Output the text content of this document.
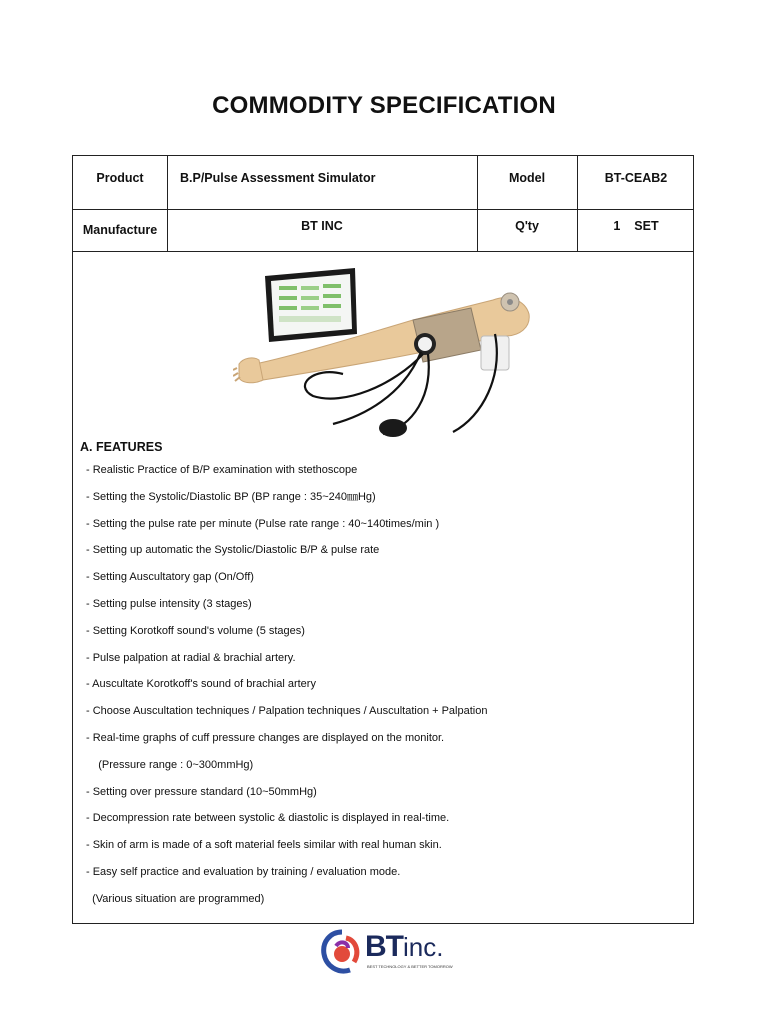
COMMODITY SPECIFICATION
Product	B.P/Pulse Assessment Simulator	Model	BT-CEAB2
Manufacture	BT INC	Q'ty	1    SET
A. FEATURES
- Realistic Practice of B/P examination with stethoscope
- Setting the Systolic/Diastolic BP (BP range : 35~240㎜Hg)
- Setting the pulse rate per minute (Pulse rate range : 40~140times/min )
- Setting up automatic the Systolic/Diastolic B/P & pulse rate
- Setting Auscultatory gap (On/Off)
- Setting pulse intensity (3 stages)
- Setting Korotkoff sound's volume (5 stages)
- Pulse palpation at radial & brachial artery.
- Auscultate Korotkoff's sound of brachial artery
- Choose Auscultation techniques / Palpation techniques / Auscultation + Palpation
- Real-time graphs of cuff pressure changes are displayed on the monitor.
(Pressure range : 0~300mmHg)
- Setting over pressure standard (10~50mmHg)
- Decompression rate between systolic & diastolic is displayed in real-time.
- Skin of arm is made of a soft material feels similar with real human skin.
- Easy self practice and evaluation by training / evaluation mode.
(Various situation are programmed)
BTinc.
BEST TECHNOLOGY & BETTER TOMORROW
